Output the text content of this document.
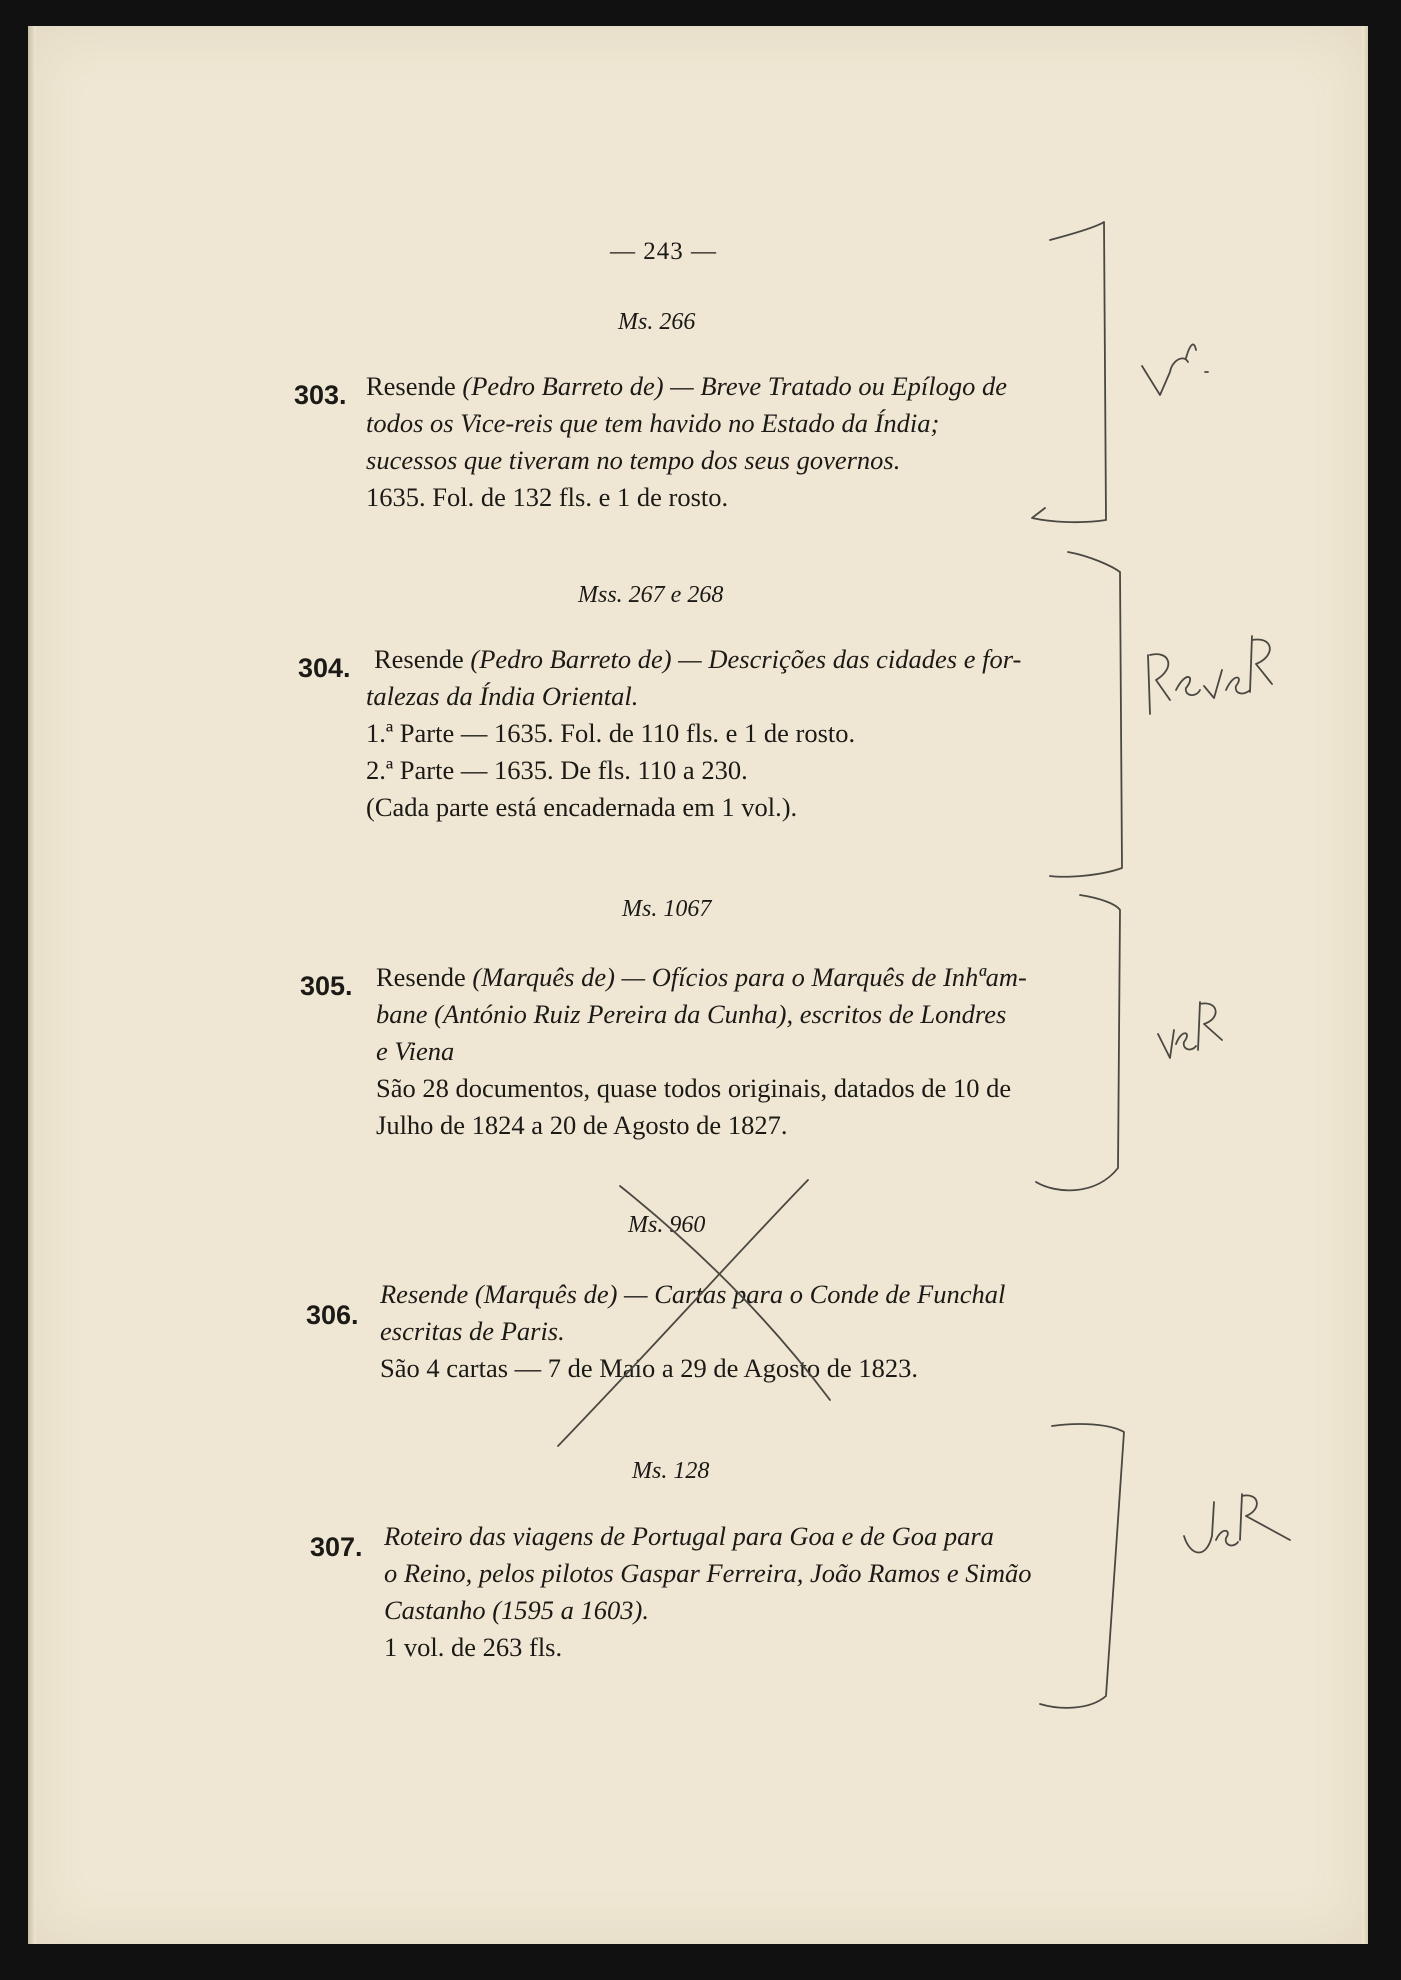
— 243 —
Ms. 266
303. Resende (Pedro Barreto de) — Breve Tratado ou Epílogo de
todos os Vice-reis que tem havido no Estado da Índia;
sucessos que tiveram no tempo dos seus governos.
1635. Fol. de 132 fls. e 1 de rosto.
Mss. 267 e 268
304. Resende (Pedro Barreto de) — Descrições das cidades e for-
talezas da Índia Oriental.
1.ª Parte — 1635. Fol. de 110 fls. e 1 de rosto.
2.ª Parte — 1635. De fls. 110 a 230.
(Cada parte está encadernada em 1 vol.).
Ms. 1067
305. Resende (Marquês de) — Ofícios para o Marquês de Inhªam-
bane (António Ruiz Pereira da Cunha), escritos de Londres
e Viena
São 28 documentos, quase todos originais, datados de 10 de
Julho de 1824 a 20 de Agosto de 1827.
Ms. 960
306.
Resende (Marquês de) — Cartas para o Conde de Funchal
escritas de Paris.
São 4 cartas — 7 de Maio a 29 de Agosto de 1823.
Ms. 128
307. Roteiro das viagens de Portugal para Goa e de Goa para
o Reino, pelos pilotos Gaspar Ferreira, João Ramos e Simão
Castanho (1595 a 1603).
1 vol. de 263 fls.
